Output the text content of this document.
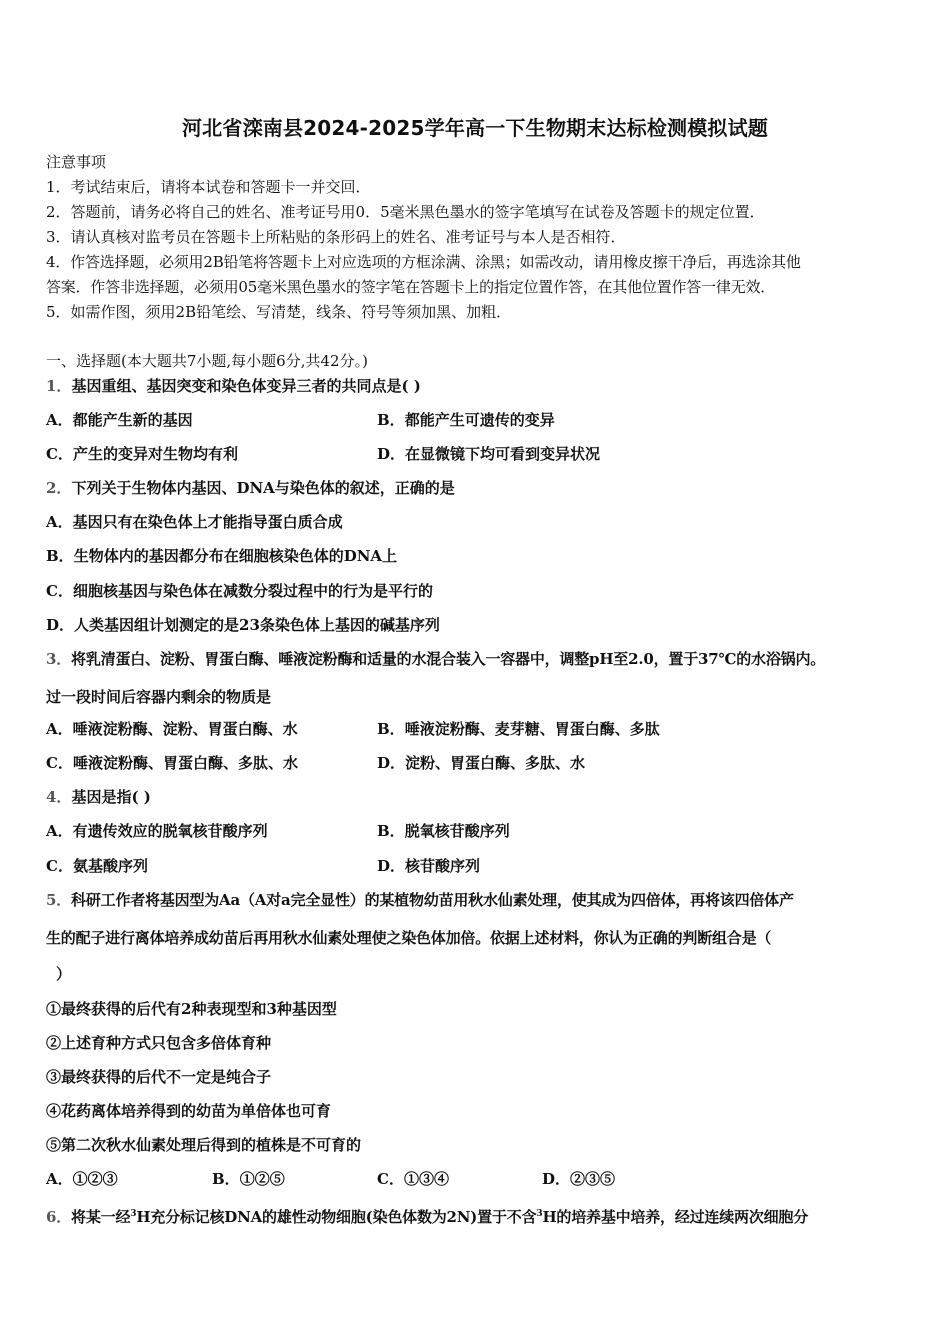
河北省滦南县2024-2025学年高一下生物期末达标检测模拟试题
注意事项
1．考试结束后，请将本试卷和答题卡一并交回．
2．答题前，请务必将自己的姓名、准考证号用0．5毫米黑色墨水的签字笔填写在试卷及答题卡的规定位置．
3．请认真核对监考员在答题卡上所粘贴的条形码上的姓名、准考证号与本人是否相符．
4．作答选择题，必须用2B铅笔将答题卡上对应选项的方框涂满、涂黑；如需改动，请用橡皮擦干净后，再选涂其他
答案．作答非选择题，必须用05毫米黑色墨水的签字笔在答题卡上的指定位置作答，在其他位置作答一律无效．
5．如需作图，须用2B铅笔绘、写清楚，线条、符号等须加黑、加粗．
一、选择题(本大题共7小题,每小题6分,共42分。)
1．基因重组、基因突变和染色体变异三者的共同点是( )
A．都能产生新的基因	B．都能产生可遗传的变异
C．产生的变异对生物均有利	D．在显微镜下均可看到变异状况
2．下列关于生物体内基因、DNA与染色体的叙述，正确的是
A．基因只有在染色体上才能指导蛋白质合成
B．生物体内的基因都分布在细胞核染色体的DNA上
C．细胞核基因与染色体在减数分裂过程中的行为是平行的
D．人类基因组计划测定的是23条染色体上基因的碱基序列
3．将乳清蛋白、淀粉、胃蛋白酶、唾液淀粉酶和适量的水混合装入一容器中，调整pH至2.0，置于37℃的水浴锅内。
过一段时间后容器内剩余的物质是
A．唾液淀粉酶、淀粉、胃蛋白酶、水	B．唾液淀粉酶、麦芽糖、胃蛋白酶、多肽
C．唾液淀粉酶、胃蛋白酶、多肽、水	D．淀粉、胃蛋白酶、多肽、水
4．基因是指( )
A．有遗传效应的脱氧核苷酸序列	B．脱氧核苷酸序列
C．氨基酸序列	D．核苷酸序列
5．科研工作者将基因型为Aa（A对a完全显性）的某植物幼苗用秋水仙素处理，使其成为四倍体，再将该四倍体产
生的配子进行离体培养成幼苗后再用秋水仙素处理使之染色体加倍。依据上述材料，你认为正确的判断组合是（
）
①最终获得的后代有2种表现型和3种基因型
②上述育种方式只包含多倍体育种
③最终获得的后代不一定是纯合子
④花药离体培养得到的幼苗为单倍体也可育
⑤第二次秋水仙素处理后得到的植株是不可育的
A．①②③	B．①②⑤	C．①③④	D．②③⑤
6．将某一经$^3$H充分标记核DNA的雄性动物细胞(染色体数为2N)置于不含$^3$H的培养基中培养，经过连续两次细胞分
